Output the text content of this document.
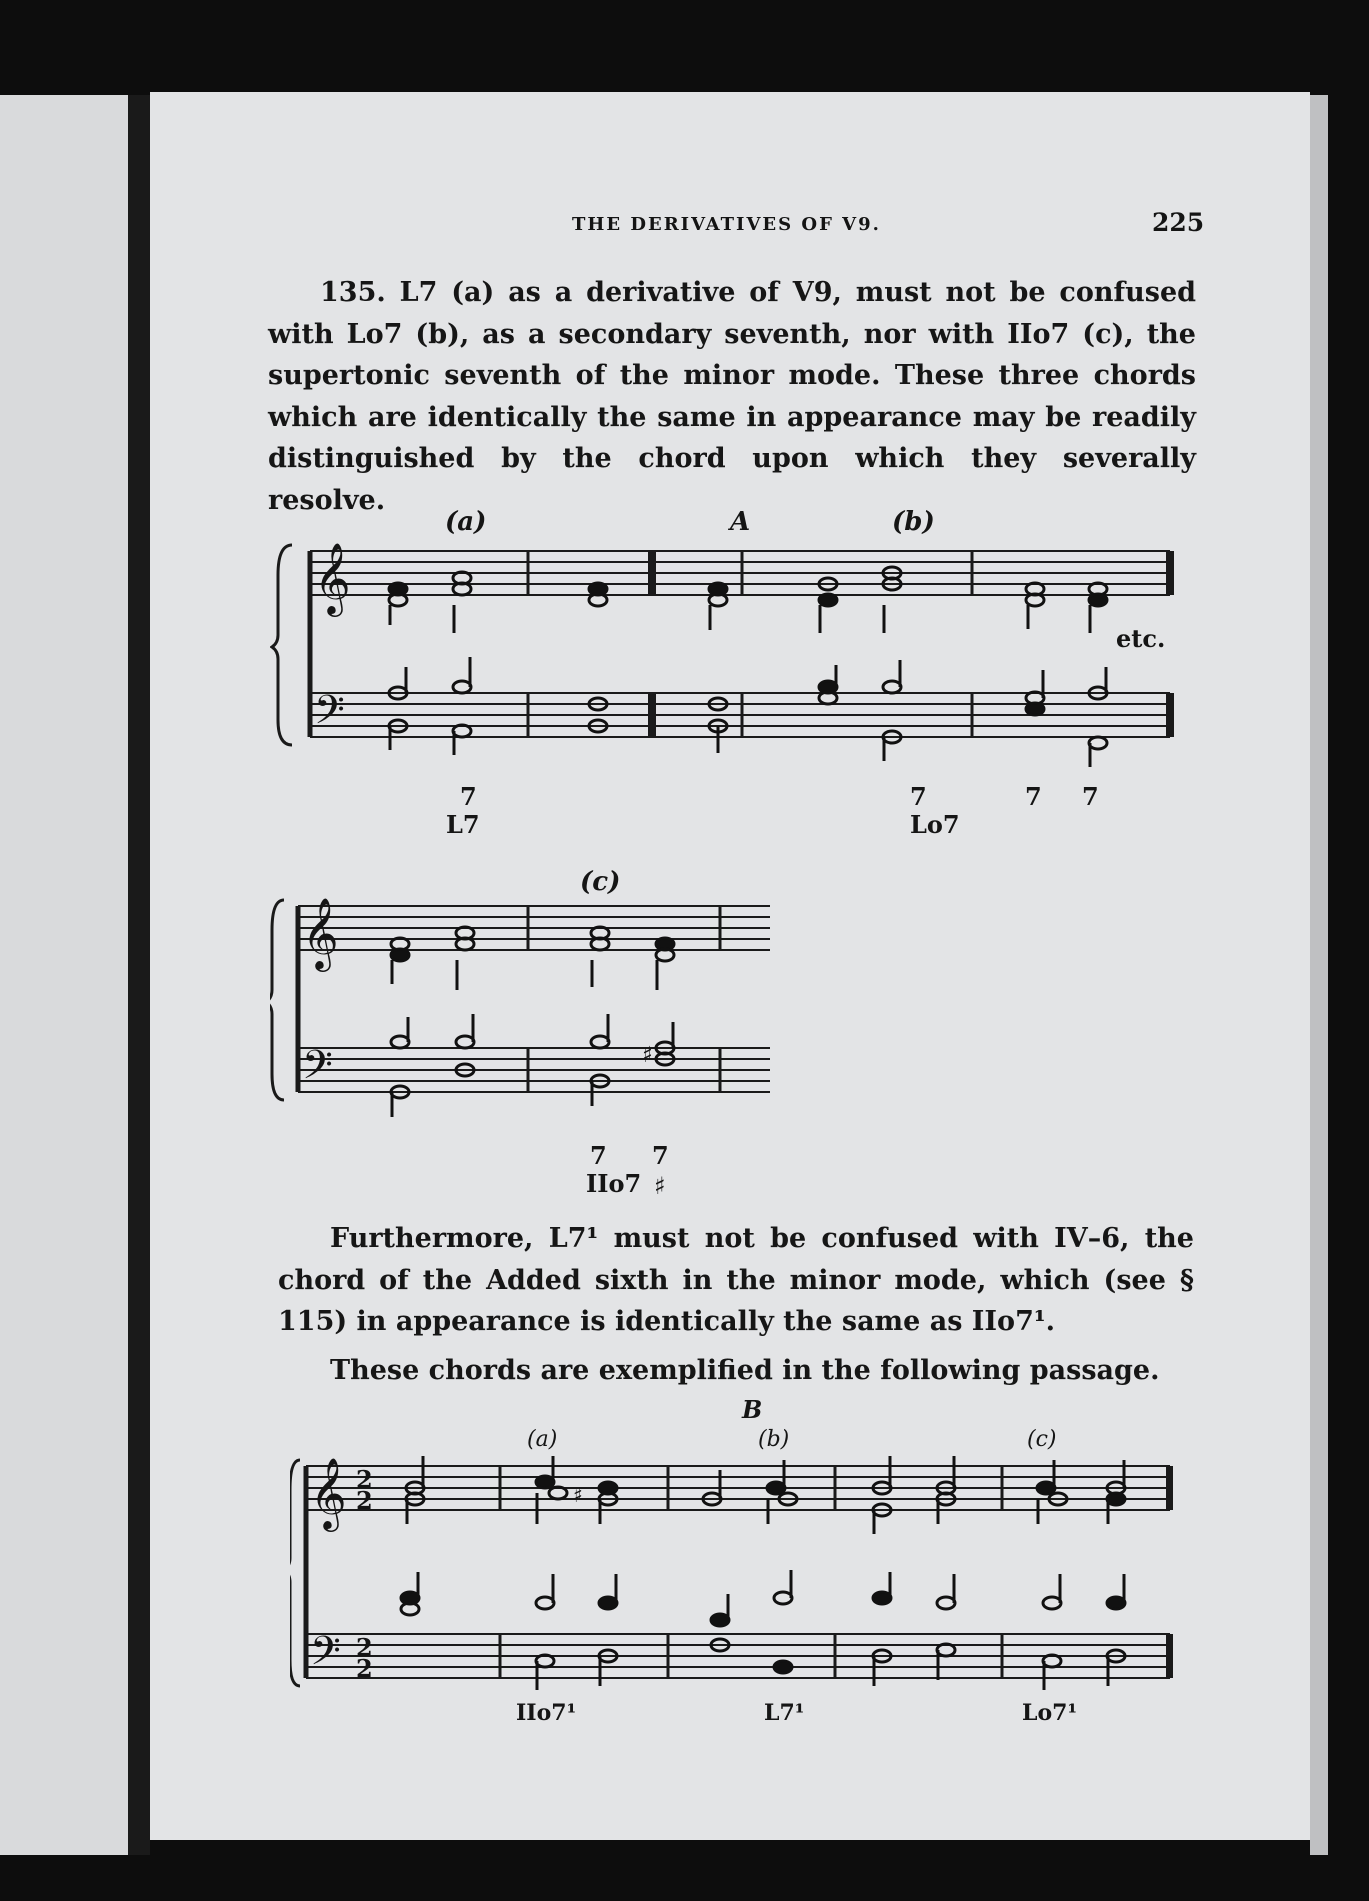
THE DERIVATIVES OF V9.	225

135. L7 (a) as a derivative of V9, must not be confused with Lo7 (b), as a secondary seventh, nor with IIo7 (c), the supertonic seventh of the minor mode. These three chords which are identically the same in appearance may be readily distinguished by the chord upon which they severally resolve.

(a)	A	(b)
𝄞
𝄢
etc.
7
L7
7
Lo7
7 7
(c)
𝄞
𝄢	♯
7 7
IIo7 ♯

Furthermore, L7¹ must not be confused with IV–6, the chord of the Added sixth in the minor mode, which (see § 115) in appearance is identically the same as IIo7¹.

These chords are exemplified in the following passage.

B
(a)	(b)	(c)
𝄞
𝄢
2
2
2
2
♯
IIo7¹	L7¹	Lo7¹
